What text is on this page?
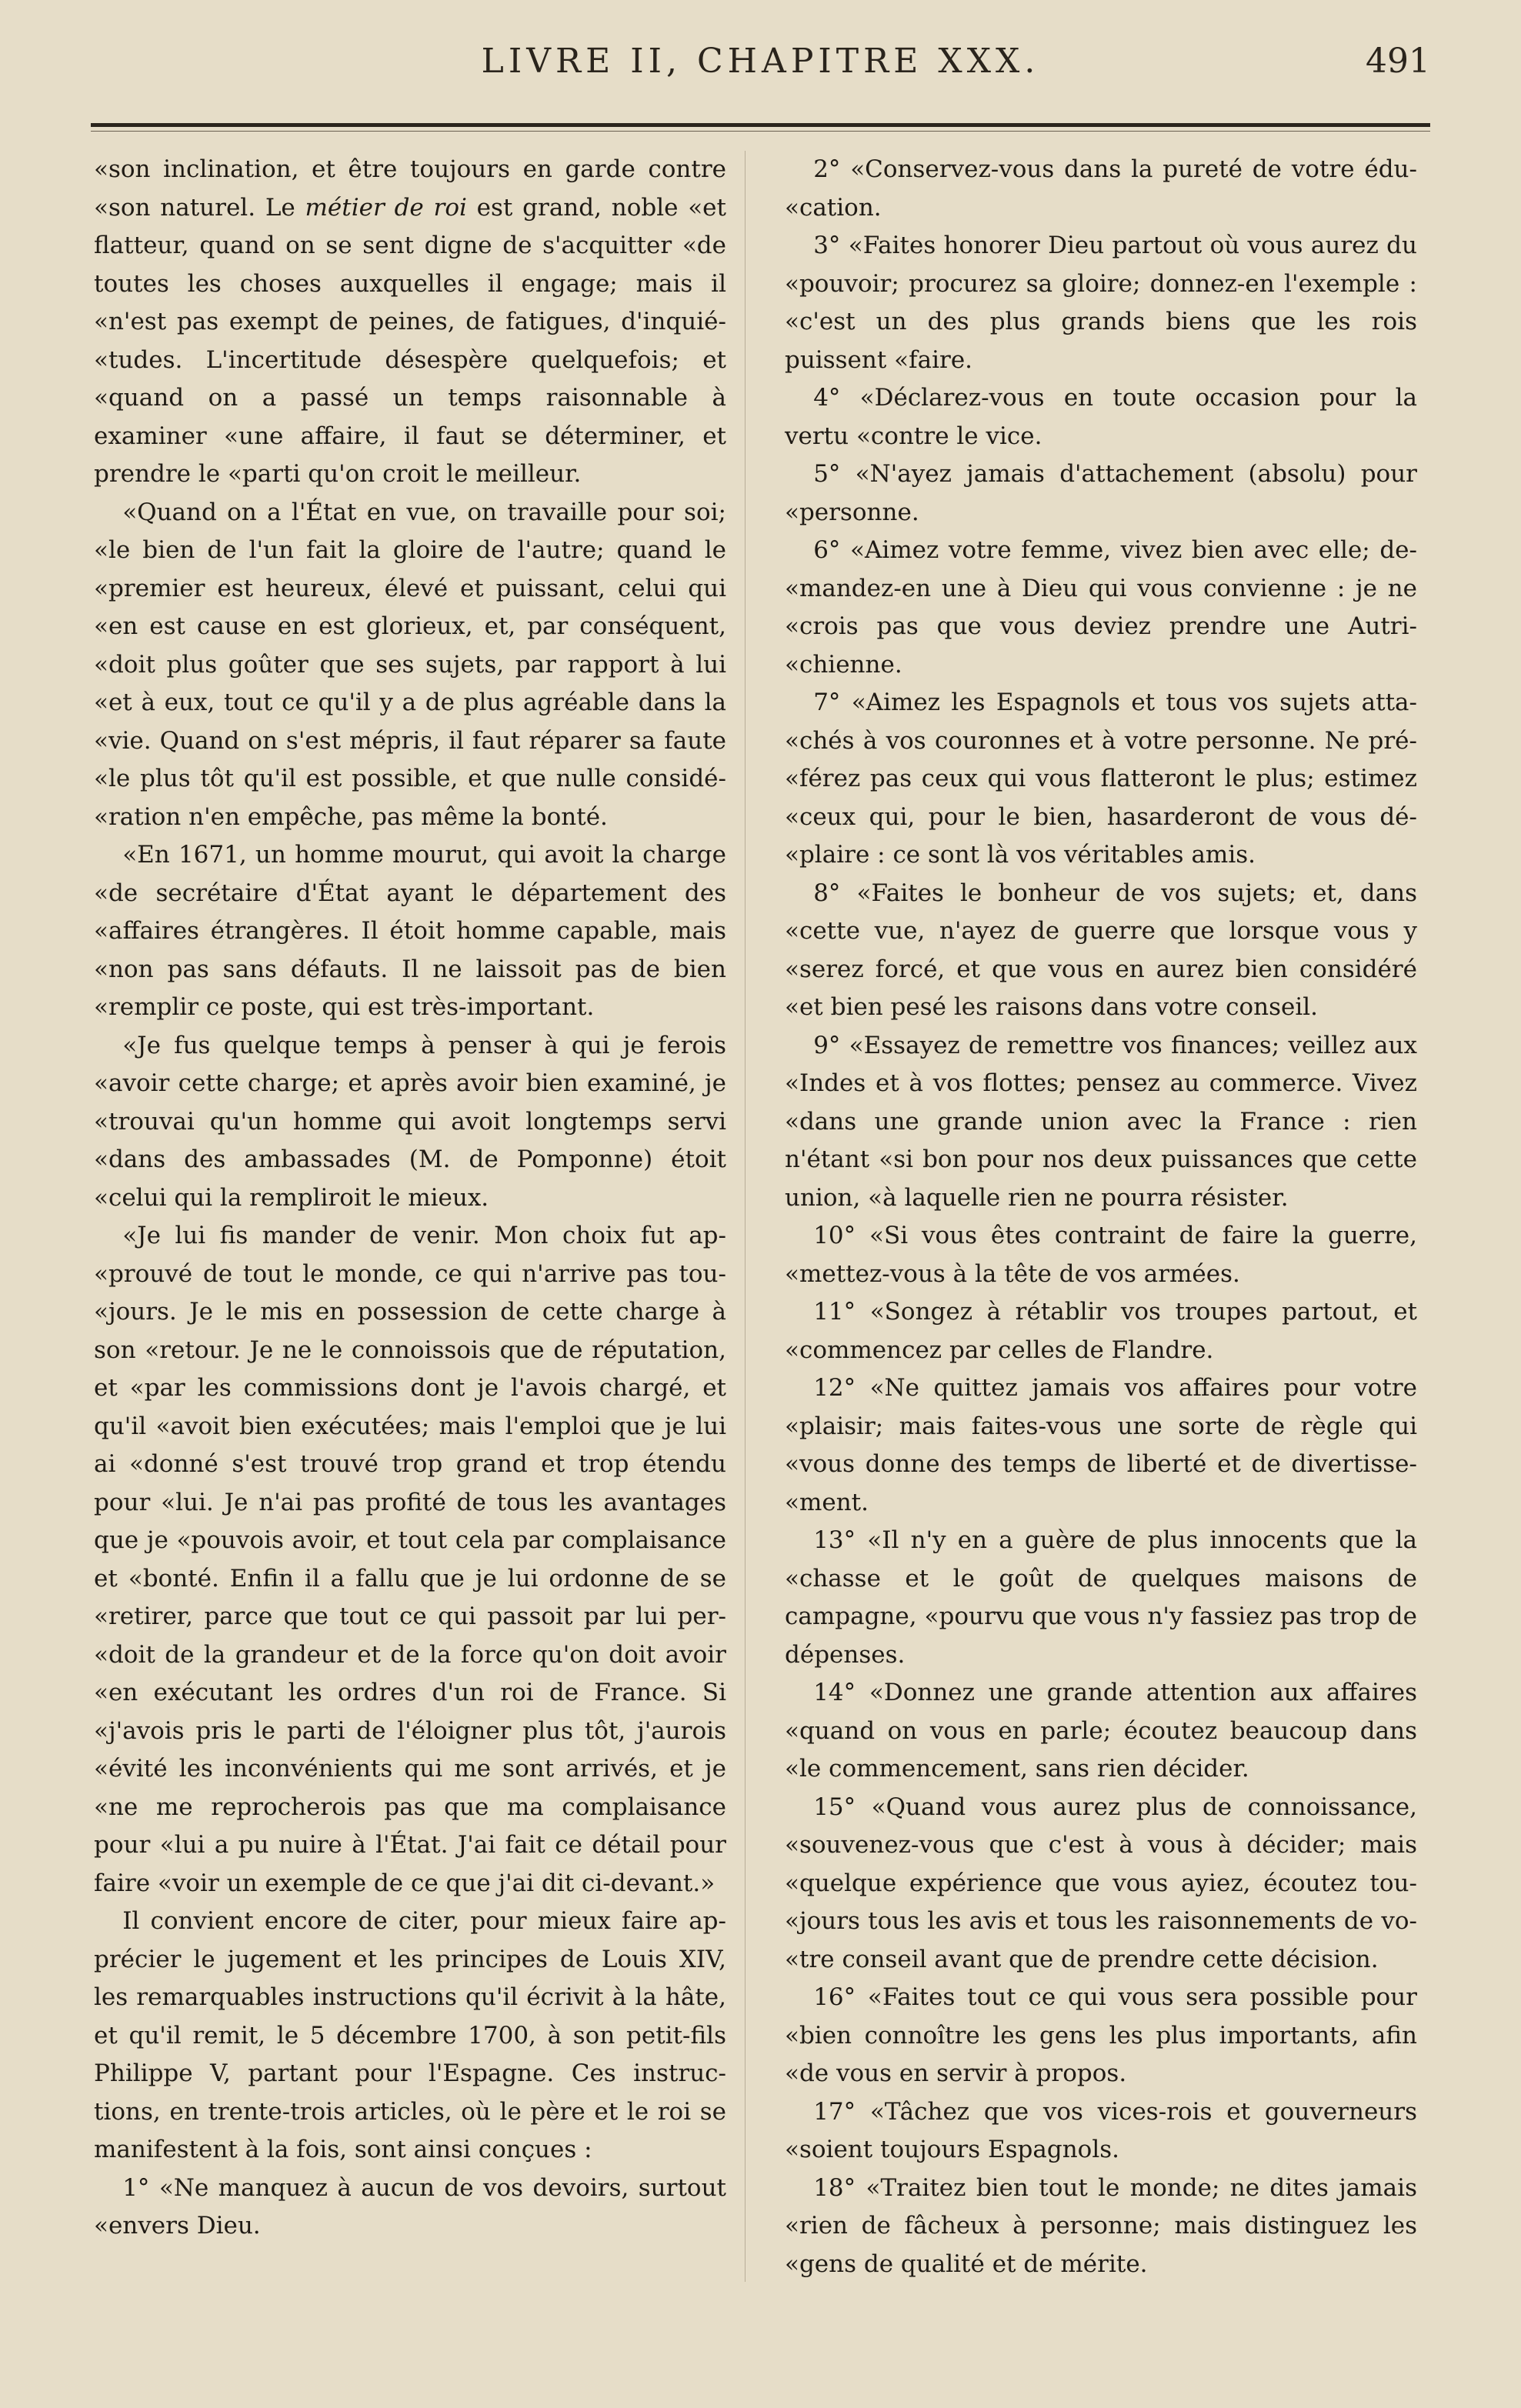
LIVRE II, CHAPITRE XXX.	491

«son inclination, et être toujours en garde contre «son naturel. Le métier de roi est grand, noble «et flatteur, quand on se sent digne de s'acquitter «de toutes les choses auxquelles il engage; mais il «n'est pas exempt de peines, de fatigues, d'inquié- «tudes. L'incertitude désespère quelquefois; et «quand on a passé un temps raisonnable à examiner «une affaire, il faut se déterminer, et prendre le «parti qu'on croit le meilleur.

«Quand on a l'État en vue, on travaille pour soi; «le bien de l'un fait la gloire de l'autre; quand le «premier est heureux, élevé et puissant, celui qui «en est cause en est glorieux, et, par conséquent, «doit plus goûter que ses sujets, par rapport à lui «et à eux, tout ce qu'il y a de plus agréable dans la «vie. Quand on s'est mépris, il faut réparer sa faute «le plus tôt qu'il est possible, et que nulle considé- «ration n'en empêche, pas même la bonté.

«En 1671, un homme mourut, qui avoit la charge «de secrétaire d'État ayant le département des «affaires étrangères. Il étoit homme capable, mais «non pas sans défauts. Il ne laissoit pas de bien «remplir ce poste, qui est très-important.

«Je fus quelque temps à penser à qui je ferois «avoir cette charge; et après avoir bien examiné, je «trouvai qu'un homme qui avoit longtemps servi «dans des ambassades (M. de Pomponne) étoit «celui qui la rempliroit le mieux.

«Je lui fis mander de venir. Mon choix fut ap- «prouvé de tout le monde, ce qui n'arrive pas tou- «jours. Je le mis en possession de cette charge à son «retour. Je ne le connoissois que de réputation, et «par les commissions dont je l'avois chargé, et qu'il «avoit bien exécutées; mais l'emploi que je lui ai «donné s'est trouvé trop grand et trop étendu pour «lui. Je n'ai pas profité de tous les avantages que je «pouvois avoir, et tout cela par complaisance et «bonté. Enfin il a fallu que je lui ordonne de se «retirer, parce que tout ce qui passoit par lui per- «doit de la grandeur et de la force qu'on doit avoir «en exécutant les ordres d'un roi de France. Si «j'avois pris le parti de l'éloigner plus tôt, j'aurois «évité les inconvénients qui me sont arrivés, et je «ne me reprocherois pas que ma complaisance pour «lui a pu nuire à l'État. J'ai fait ce détail pour faire «voir un exemple de ce que j'ai dit ci-devant.»

Il convient encore de citer, pour mieux faire ap- précier le jugement et les principes de Louis XIV, les remarquables instructions qu'il écrivit à la hâte, et qu'il remit, le 5 décembre 1700, à son petit-fils Philippe V, partant pour l'Espagne. Ces instruc- tions, en trente-trois articles, où le père et le roi se manifestent à la fois, sont ainsi conçues :

1° «Ne manquez à aucun de vos devoirs, surtout «envers Dieu.

2° «Conservez-vous dans la pureté de votre édu- «cation.

3° «Faites honorer Dieu partout où vous aurez du «pouvoir; procurez sa gloire; donnez-en l'exemple : «c'est un des plus grands biens que les rois puissent «faire.

4° «Déclarez-vous en toute occasion pour la vertu «contre le vice.

5° «N'ayez jamais d'attachement (absolu) pour «personne.

6° «Aimez votre femme, vivez bien avec elle; de- «mandez-en une à Dieu qui vous convienne : je ne «crois pas que vous deviez prendre une Autri- «chienne.

7° «Aimez les Espagnols et tous vos sujets atta- «chés à vos couronnes et à votre personne. Ne pré- «férez pas ceux qui vous flatteront le plus; estimez «ceux qui, pour le bien, hasarderont de vous dé- «plaire : ce sont là vos véritables amis.

8° «Faites le bonheur de vos sujets; et, dans «cette vue, n'ayez de guerre que lorsque vous y «serez forcé, et que vous en aurez bien considéré «et bien pesé les raisons dans votre conseil.

9° «Essayez de remettre vos finances; veillez aux «Indes et à vos flottes; pensez au commerce. Vivez «dans une grande union avec la France : rien n'étant «si bon pour nos deux puissances que cette union, «à laquelle rien ne pourra résister.

10° «Si vous êtes contraint de faire la guerre, «mettez-vous à la tête de vos armées.

11° «Songez à rétablir vos troupes partout, et «commencez par celles de Flandre.

12° «Ne quittez jamais vos affaires pour votre «plaisir; mais faites-vous une sorte de règle qui «vous donne des temps de liberté et de divertisse- «ment.

13° «Il n'y en a guère de plus innocents que la «chasse et le goût de quelques maisons de campagne, «pourvu que vous n'y fassiez pas trop de dépenses.

14° «Donnez une grande attention aux affaires «quand on vous en parle; écoutez beaucoup dans «le commencement, sans rien décider.

15° «Quand vous aurez plus de connoissance, «souvenez-vous que c'est à vous à décider; mais «quelque expérience que vous ayiez, écoutez tou- «jours tous les avis et tous les raisonnements de vo- «tre conseil avant que de prendre cette décision.

16° «Faites tout ce qui vous sera possible pour «bien connoître les gens les plus importants, afin «de vous en servir à propos.

17° «Tâchez que vos vices-rois et gouverneurs «soient toujours Espagnols.

18° «Traitez bien tout le monde; ne dites jamais «rien de fâcheux à personne; mais distinguez les «gens de qualité et de mérite.
